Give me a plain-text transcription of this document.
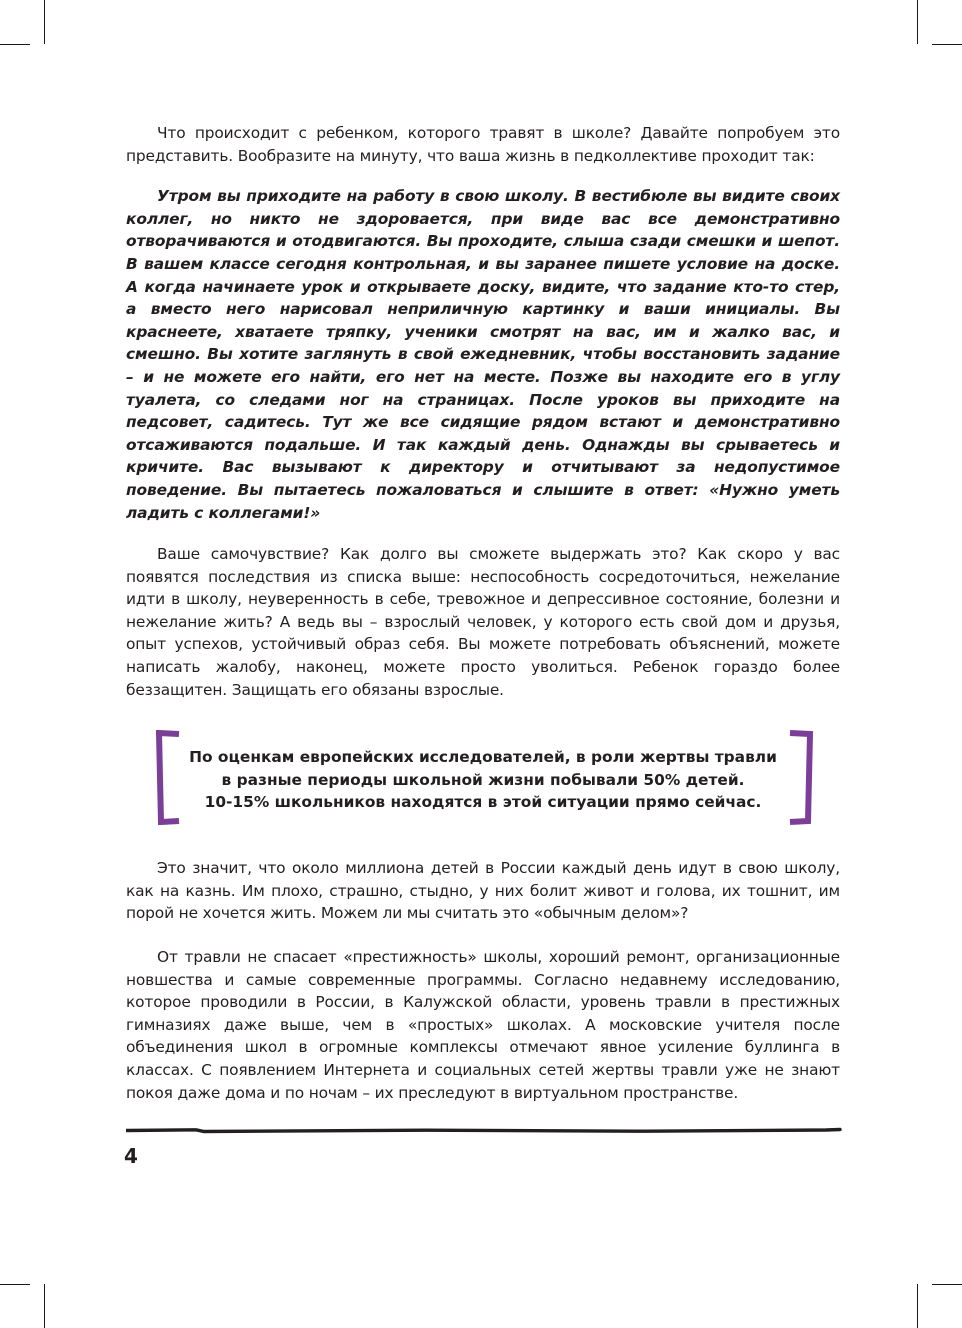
Что происходит с ребенком, которого травят в школе? Давайте попробуем это представить. Вообразите на минуту, что ваша жизнь в педколлективе проходит так:

Утром вы приходите на работу в свою школу. В вестибюле вы видите своих коллег, но никто не здоровается, при виде вас все демонстративно отворачиваются и отодвигаются. Вы проходите, слыша сзади смешки и шепот. В вашем классе сегодня контрольная, и вы заранее пишете условие на доске. А когда начинаете урок и открываете доску, видите, что задание кто-то стер, а вместо него нарисовал неприличную картинку и ваши инициалы. Вы краснеете, хватаете тряпку, ученики смотрят на вас, им и жалко вас, и смешно. Вы хотите заглянуть в свой ежедневник, чтобы восстановить задание – и не можете его найти, его нет на месте. Позже вы находите его в углу туалета, со следами ног на страницах. После уроков вы приходите на педсовет, садитесь. Тут же все сидящие рядом встают и демонстративно отсаживаются подальше. И так каждый день. Однажды вы срываетесь и кричите. Вас вызывают к директору и отчитывают за недопустимое поведение. Вы пытаетесь пожаловаться и слышите в ответ: «Нужно уметь ладить с коллегами!»

Ваше самочувствие? Как долго вы сможете выдержать это? Как скоро у вас появятся последствия из списка выше: неспособность сосредоточиться, нежелание идти в школу, неуверенность в себе, тревожное и депрессивное состояние, болезни и нежелание жить? А ведь вы – взрослый человек, у которого есть свой дом и друзья, опыт успехов, устойчивый образ себя. Вы можете потребовать объяснений, можете написать жалобу, наконец, можете просто уволиться. Ребенок гораздо более беззащитен. Защищать его обязаны взрослые.

По оценкам европейских исследователей, в роли жертвы травли
в разные периоды школьной жизни побывали 50% детей.
10-15% школьников находятся в этой ситуации прямо сейчас.

Это значит, что около миллиона детей в России каждый день идут в свою школу, как на казнь. Им плохо, страшно, стыдно, у них болит живот и голова, их тошнит, им порой не хочется жить. Можем ли мы считать это «обычным делом»?

От травли не спасает «престижность» школы, хороший ремонт, организационные новшества и самые современные программы. Согласно недавнему исследованию, которое проводили в России, в Калужской области, уровень травли в престижных гимназиях даже выше, чем в «простых» школах. А московские учителя после объединения школ в огромные комплексы отмечают явное усиление буллинга в классах. С появлением Интернета и социальных сетей жертвы травли уже не знают покоя даже дома и по ночам – их преследуют в виртуальном пространстве.

4
